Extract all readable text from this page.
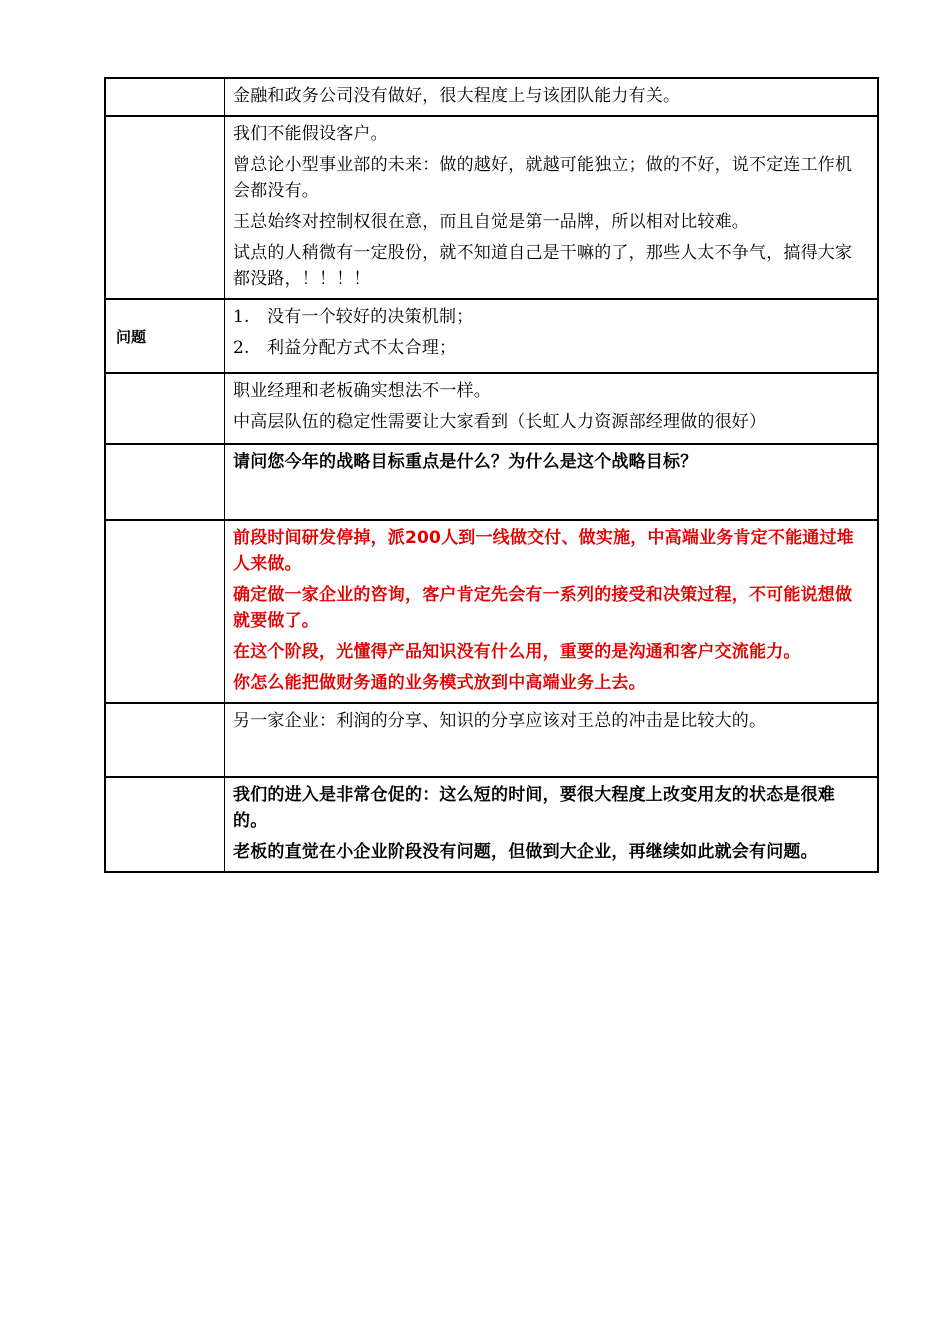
	金融和政务公司没有做好，很大程度上与该团队能力有关。

	我们不能假设客户。

曾总论小型事业部的未来：做的越好，就越可能独立；做的不好，说不定连工作机会都没有。

王总始终对控制权很在意，而且自觉是第一品牌，所以相对比较难。

试点的人稍微有一定股份，就不知道自己是干嘛的了，那些人太不争气，搞得大家都没路，！！！！

问题	1. 没有一个较好的决策机制；

2. 利益分配方式不太合理；

	职业经理和老板确实想法不一样。

中高层队伍的稳定性需要让大家看到（长虹人力资源部经理做的很好）

	请问您今年的战略目标重点是什么？为什么是这个战略目标？

	前段时间研发停掉，派200人到一线做交付、做实施，中高端业务肯定不能通过堆人来做。

确定做一家企业的咨询，客户肯定先会有一系列的接受和决策过程，不可能说想做就要做了。

在这个阶段，光懂得产品知识没有什么用，重要的是沟通和客户交流能力。

你怎么能把做财务通的业务模式放到中高端业务上去。

	另一家企业：利润的分享、知识的分享应该对王总的冲击是比较大的。

	我们的进入是非常仓促的：这么短的时间，要很大程度上改变用友的状态是很难的。

老板的直觉在小企业阶段没有问题，但做到大企业，再继续如此就会有问题。
